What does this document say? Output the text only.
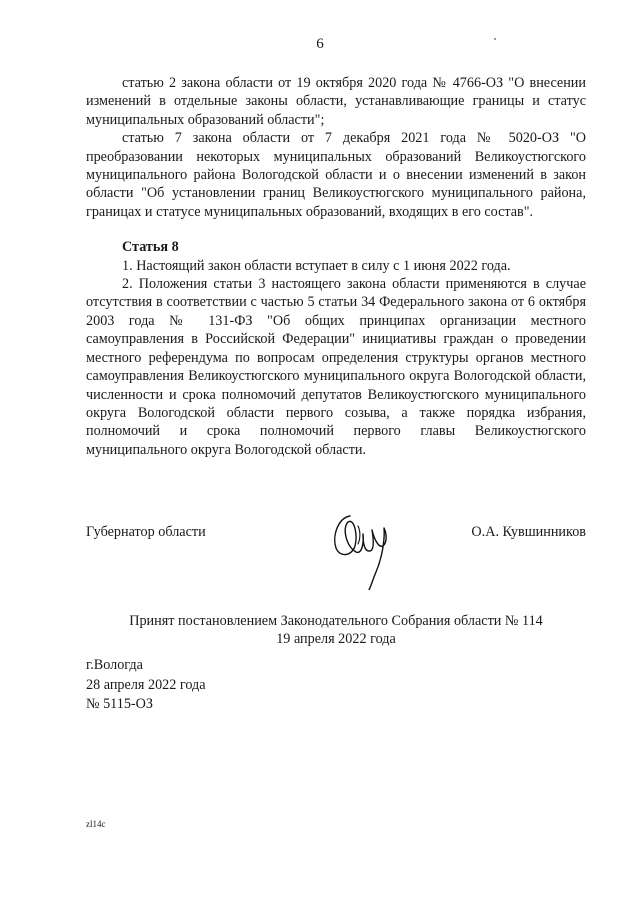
6

статью 2 закона области от 19 октября 2020 года № 4766-ОЗ "О внесении изменений в отдельные законы области, устанавливающие границы и статус муниципальных образований области";

статью 7 закона области от 7 декабря 2021 года № 5020-ОЗ "О преобразовании некоторых муниципальных образований Великоустюгского муниципального района Вологодской области и о внесении изменений в закон области "Об установлении границ Великоустюгского муниципального района, границах и статусе муниципальных образований, входящих в его состав".

Статья 8

1. Настоящий закон области вступает в силу с 1 июня 2022 года.

2. Положения статьи 3 настоящего закона области применяются в случае отсутствия в соответствии с частью 5 статьи 34 Федерального закона от 6 октября 2003 года № 131-ФЗ "Об общих принципах организации местного самоуправления в Российской Федерации" инициативы граждан о проведении местного референдума по вопросам определения структуры органов местного самоуправления Великоустюгского муниципального округа Вологодской области, численности и срока полномочий депутатов Великоустюгского муниципального округа Вологодской области первого созыва, а также порядка избрания, полномочий и срока полномочий первого главы Великоустюгского муниципального округа Вологодской области.

Губернатор области	О.А. Кувшинников
Принят постановлением Законодательного Собрания области № 114
19 апреля 2022 года
г.Вологда
28 апреля 2022 года
№ 5115-ОЗ
zl14c
